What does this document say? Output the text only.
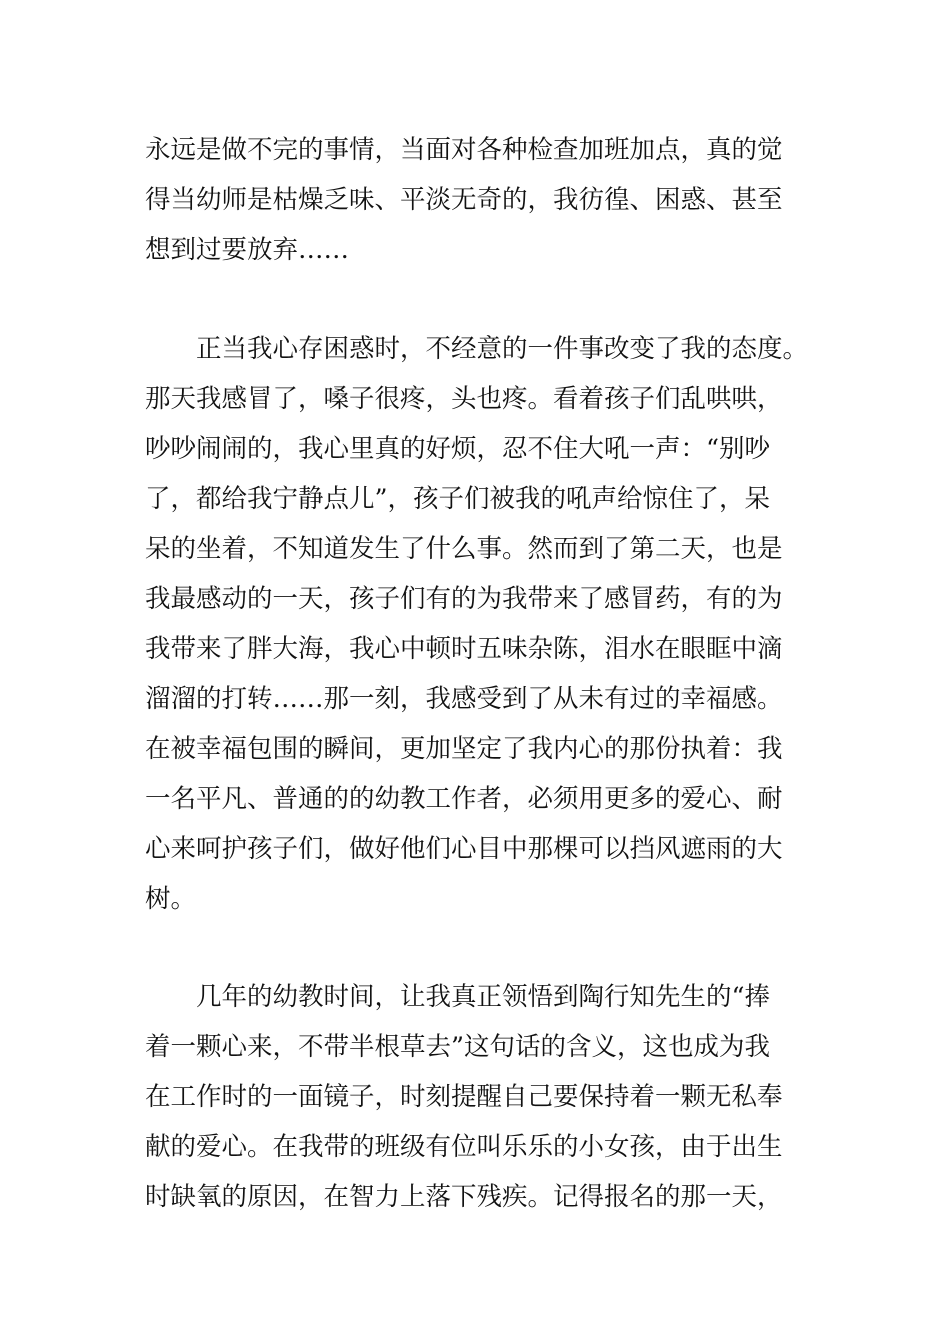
永远是做不完的事情，当面对各种检查加班加点，真的觉
得当幼师是枯燥乏味、平淡无奇的，我彷徨、困惑、甚至
想到过要放弃……
　　正当我心存困惑时，不经意的一件事改变了我的态度。
那天我感冒了，嗓子很疼，头也疼。看着孩子们乱哄哄，
吵吵闹闹的，我心里真的好烦，忍不住大吼一声：“别吵
了，都给我宁静点儿”，孩子们被我的吼声给惊住了，呆
呆的坐着，不知道发生了什么事。然而到了第二天，也是
我最感动的一天，孩子们有的为我带来了感冒药，有的为
我带来了胖大海，我心中顿时五味杂陈，泪水在眼眶中滴
溜溜的打转……那一刻，我感受到了从未有过的幸福感。
在被幸福包围的瞬间，更加坚定了我内心的那份执着：我
一名平凡、普通的的幼教工作者，必须用更多的爱心、耐
心来呵护孩子们，做好他们心目中那棵可以挡风遮雨的大
树。
　　几年的幼教时间，让我真正领悟到陶行知先生的“捧
着一颗心来，不带半根草去”这句话的含义，这也成为我
在工作时的一面镜子，时刻提醒自己要保持着一颗无私奉
献的爱心。在我带的班级有位叫乐乐的小女孩，由于出生
时缺氧的原因，在智力上落下残疾。记得报名的那一天，
